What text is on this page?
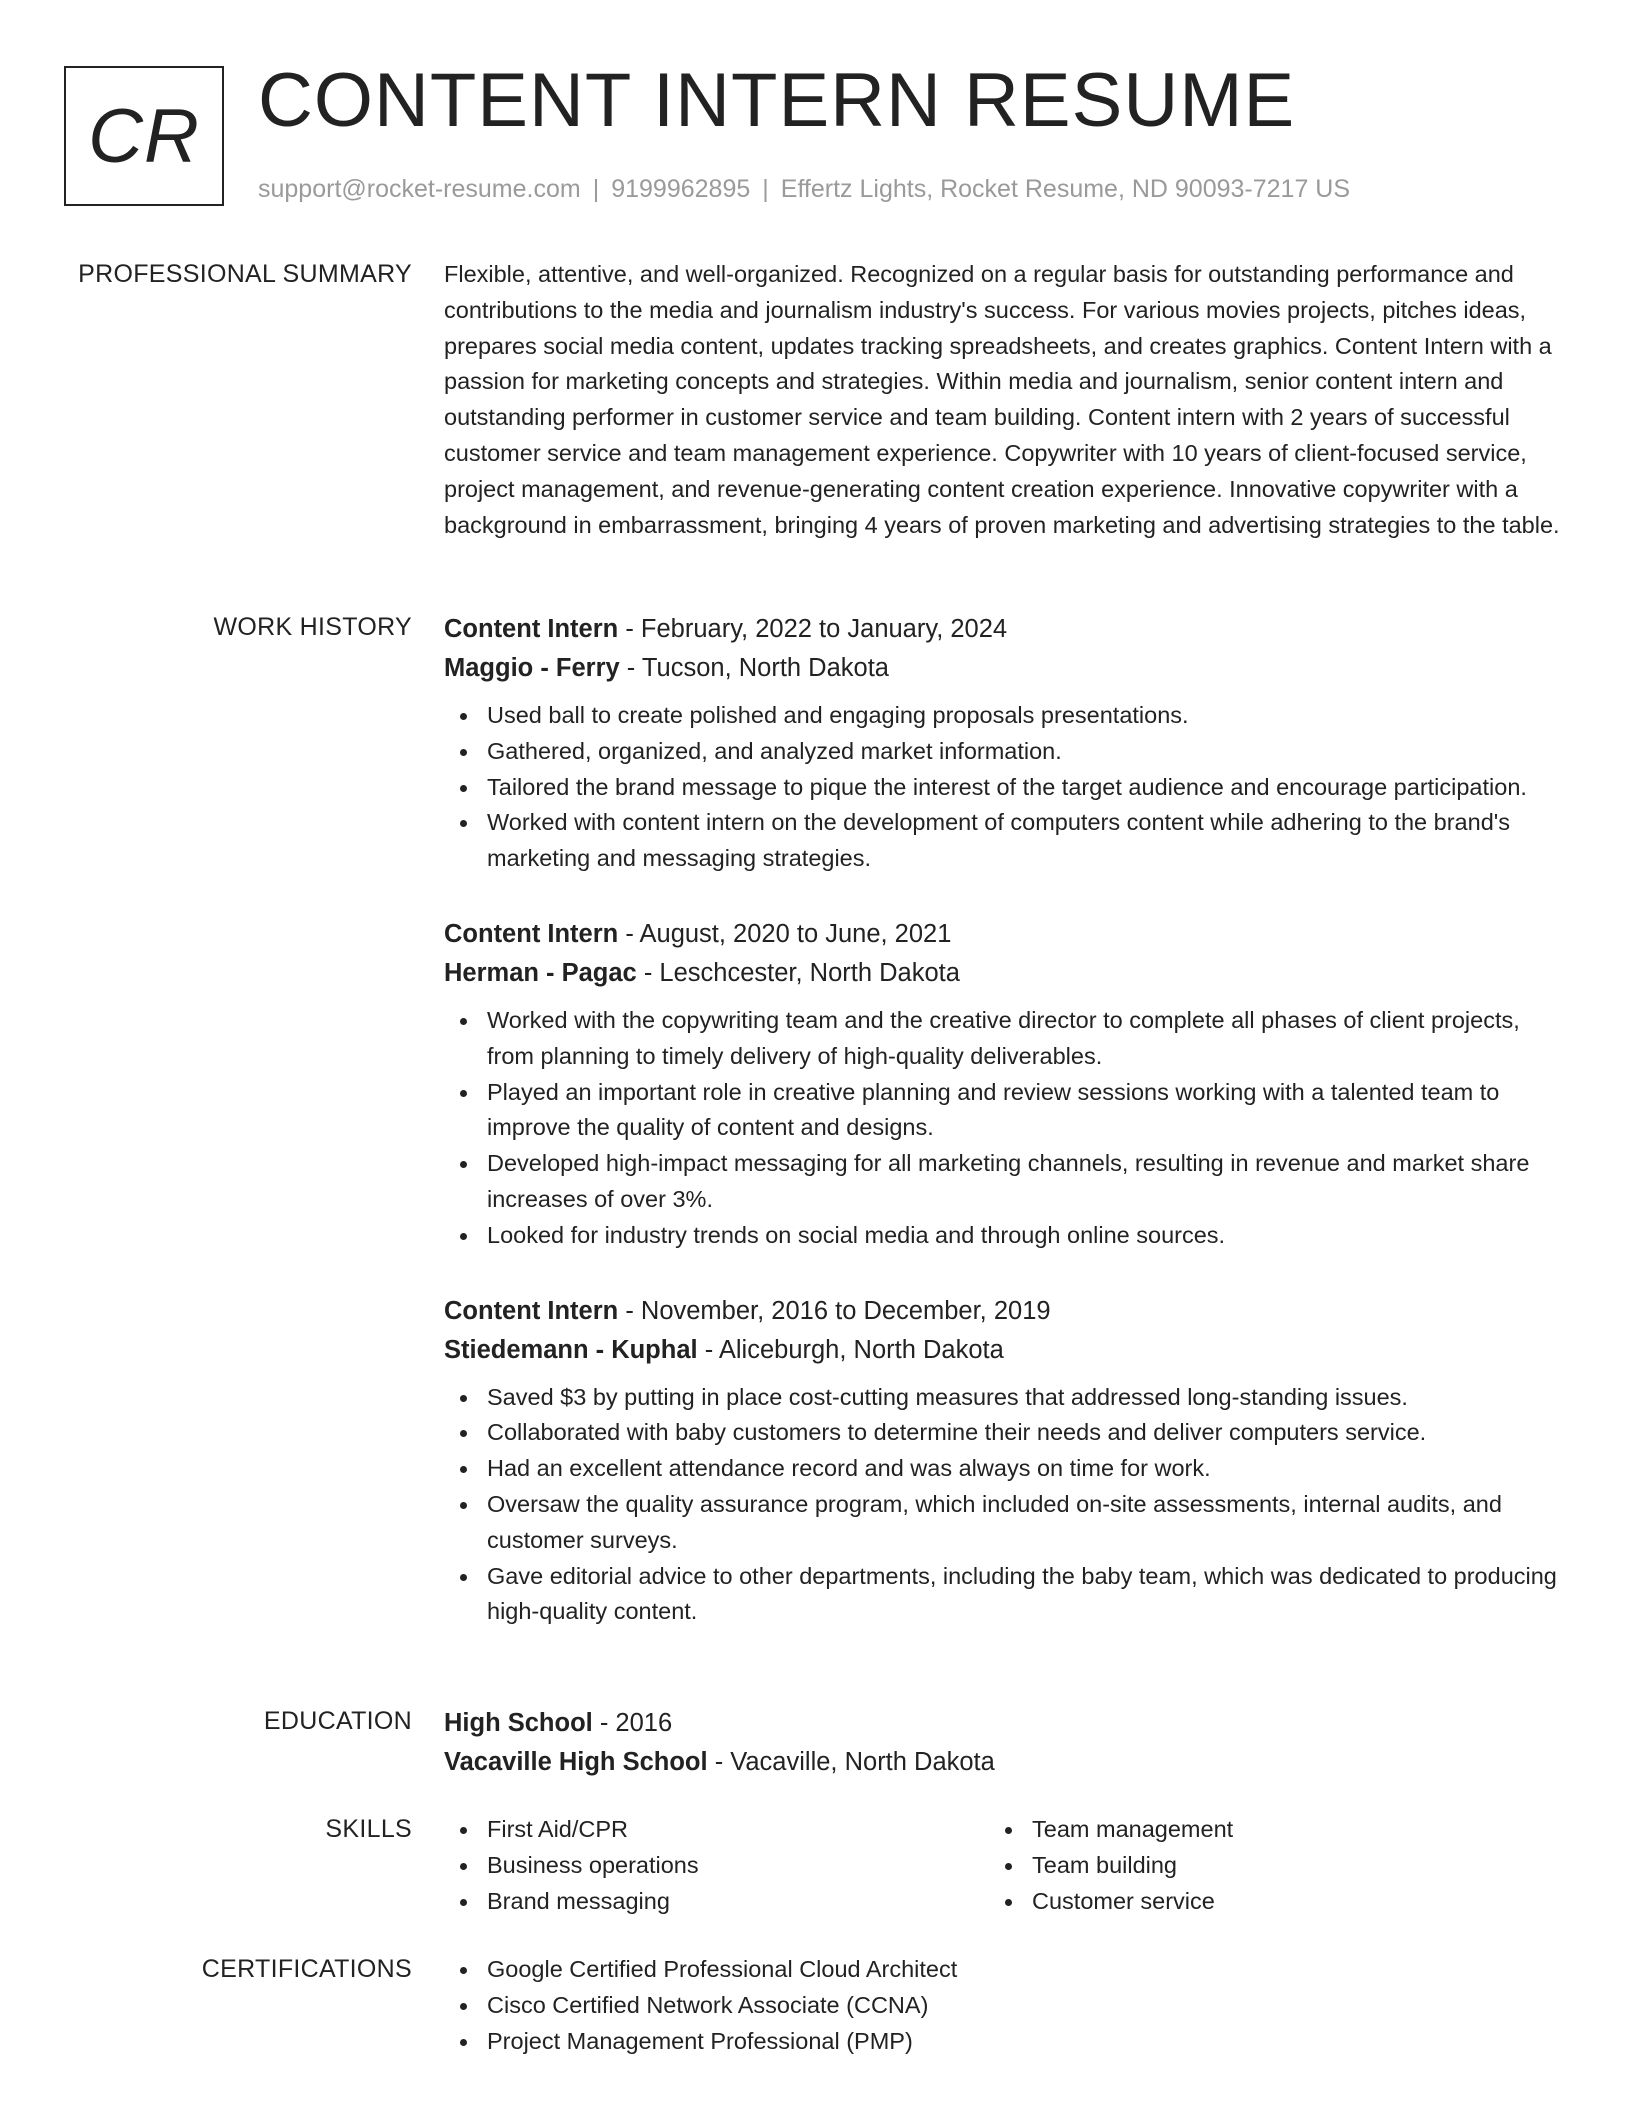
CR CONTENT INTERN RESUME
support@rocket-resume.com | 9199962895 | Effertz Lights, Rocket Resume, ND 90093-7217 US
PROFESSIONAL SUMMARY Flexible, attentive, and well-organized. Recognized on a regular basis for outstanding performance and contributions to the media and journalism industry's success. For various movies projects, pitches ideas, prepares social media content, updates tracking spreadsheets, and creates graphics. Content Intern with a passion for marketing concepts and strategies. Within media and journalism, senior content intern and outstanding performer in customer service and team building. Content intern with 2 years of successful customer service and team management experience. Copywriter with 10 years of client-focused service, project management, and revenue-generating content creation experience. Innovative copywriter with a background in embarrassment, bringing 4 years of proven marketing and advertising strategies to the table.

WORK HISTORY Content Intern - February, 2022 to January, 2024
Maggio - Ferry - Tucson, North Dakota
Used ball to create polished and engaging proposals presentations.
Gathered, organized, and analyzed market information.
Tailored the brand message to pique the interest of the target audience and encourage participation.
Worked with content intern on the development of computers content while adhering to the brand's marketing and messaging strategies.
Content Intern - August, 2020 to June, 2021
Herman - Pagac - Leschcester, North Dakota
Worked with the copywriting team and the creative director to complete all phases of client projects, from planning to timely delivery of high-quality deliverables.
Played an important role in creative planning and review sessions working with a talented team to improve the quality of content and designs.
Developed high-impact messaging for all marketing channels, resulting in revenue and market share increases of over 3%.
Looked for industry trends on social media and through online sources.
Content Intern - November, 2016 to December, 2019
Stiedemann - Kuphal - Aliceburgh, North Dakota
Saved $3 by putting in place cost-cutting measures that addressed long-standing issues.
Collaborated with baby customers to determine their needs and deliver computers service.
Had an excellent attendance record and was always on time for work.
Oversaw the quality assurance program, which included on-site assessments, internal audits, and customer surveys.
Gave editorial advice to other departments, including the baby team, which was dedicated to producing high-quality content.
EDUCATION High School - 2016
Vacaville High School - Vacaville, North Dakota
SKILLS	First Aid/CPR
Business operations
Brand messaging
Team management
Team building
Customer service
CERTIFICATIONS	Google Certified Professional Cloud Architect
Cisco Certified Network Associate (CCNA)
Project Management Professional (PMP)
